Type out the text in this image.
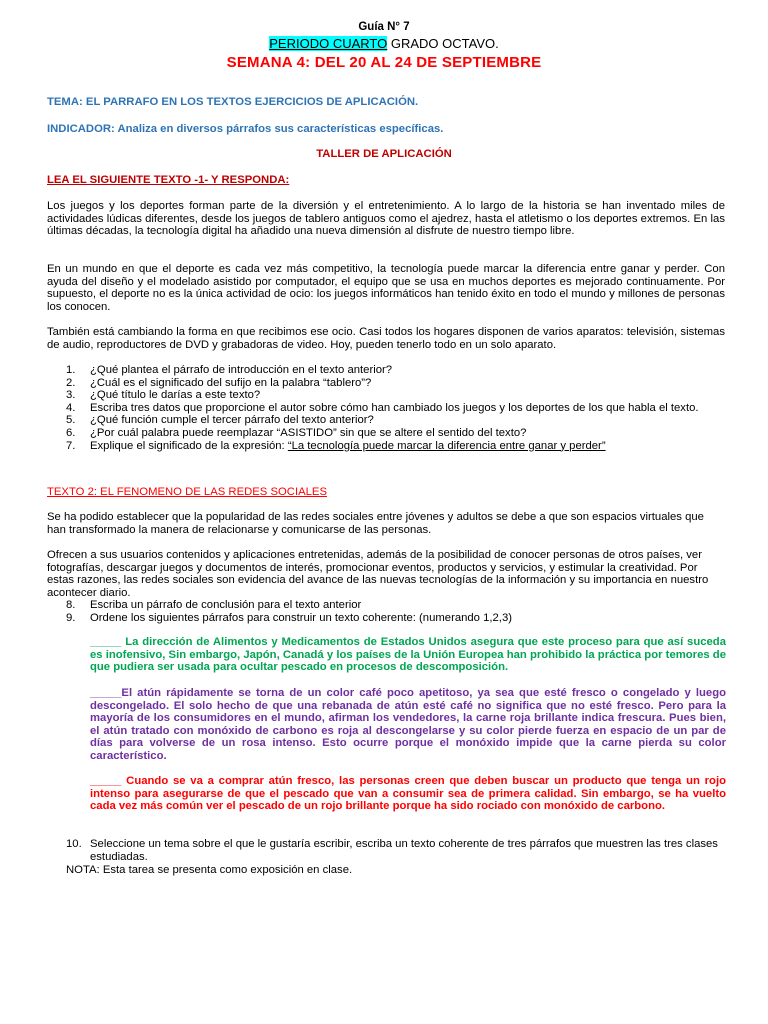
Guía N° 7
PERIODO CUARTO GRADO OCTAVO.
SEMANA 4: DEL 20 AL 24 DE SEPTIEMBRE
TEMA: EL PARRAFO EN LOS TEXTOS EJERCICIOS DE APLICACIÓN.
INDICADOR: Analiza en diversos párrafos sus características específicas.
TALLER DE APLICACIÓN
LEA EL SIGUIENTE TEXTO -1- Y RESPONDA:
Los juegos y los deportes forman parte de la diversión y el entretenimiento. A lo largo de la historia se han inventado miles de actividades lúdicas diferentes, desde los juegos de tablero antiguos como el ajedrez, hasta el atletismo o los deportes extremos. En las últimas décadas, la tecnología digital ha añadido una nueva dimensión al disfrute de nuestro tiempo libre.
En un mundo en que el deporte es cada vez más competitivo, la tecnología puede marcar la diferencia entre ganar y perder. Con ayuda del diseño y el modelado asistido por computador, el equipo que se usa en muchos deportes es mejorado continuamente. Por supuesto, el deporte no es la única actividad de ocio: los juegos informáticos han tenido éxito en todo el mundo y millones de personas los conocen.
También está cambiando la forma en que recibimos ese ocio. Casi todos los hogares disponen de varios aparatos: televisión, sistemas de audio, reproductores de DVD y grabadoras de video. Hoy, pueden tenerlo todo en un solo aparato.
1.	¿Qué plantea el párrafo de introducción en el texto anterior?
2.	¿Cuál es el significado del sufijo en la palabra “tablero”?
3.	¿Qué título le darías a este texto?
4.	Escriba tres datos que proporcione el autor sobre cómo han cambiado los juegos y los deportes de los que habla el texto.
5.	¿Qué función cumple el tercer párrafo del texto anterior?
6.	¿Por cuál palabra puede reemplazar “ASISTIDO” sin que se altere el sentido del texto?
7.	Explique el significado de la expresión: “La tecnología puede marcar la diferencia entre ganar y perder”
TEXTO 2: EL FENOMENO DE LAS REDES SOCIALES
Se ha podido establecer que la popularidad de las redes sociales entre jóvenes y adultos se debe a que son espacios virtuales que han transformado la manera de relacionarse y comunicarse de las personas.
Ofrecen a sus usuarios contenidos y aplicaciones entretenidas, además de la posibilidad de conocer personas de otros países, ver fotografías, descargar juegos y documentos de interés, promocionar eventos, productos y servicios, y estimular la creatividad. Por estas razones, las redes sociales son evidencia del avance de las nuevas tecnologías de la información y su importancia en nuestro acontecer diario.
8.	Escriba un párrafo de conclusión para el texto anterior
9.	Ordene los siguientes párrafos para construir un texto coherente: (numerando 1,2,3)
_____ La dirección de Alimentos y Medicamentos de Estados Unidos asegura que este proceso para que así suceda es inofensivo, Sin embargo, Japón, Canadá y los países de la Unión Europea han prohibido la práctica por temores de que pudiera ser usada para ocultar pescado en procesos de descomposición.
_____El atún rápidamente se torna de un color café poco apetitoso, ya sea que esté fresco o congelado y luego descongelado. El solo hecho de que una rebanada de atún esté café no significa que no esté fresco. Pero para la mayoría de los consumidores en el mundo, afirman los vendedores, la carne roja brillante indica frescura. Pues bien, el atún tratado con monóxido de carbono es roja al descongelarse y su color pierde fuerza en espacio de un par de días para volverse de un rosa intenso. Esto ocurre porque el monóxido impide que la carne pierda su color característico.
_____ Cuando se va a comprar atún fresco, las personas creen que deben buscar un producto que tenga un rojo intenso para asegurarse de que el pescado que van a consumir sea de primera calidad. Sin embargo, se ha vuelto cada vez más común ver el pescado de un rojo brillante porque ha sido rociado con monóxido de carbono.
10. Seleccione un tema sobre el que le gustaría escribir, escriba un texto coherente de tres párrafos que muestren las tres clases estudiadas.
NOTA: Esta tarea se presenta como exposición en clase.
